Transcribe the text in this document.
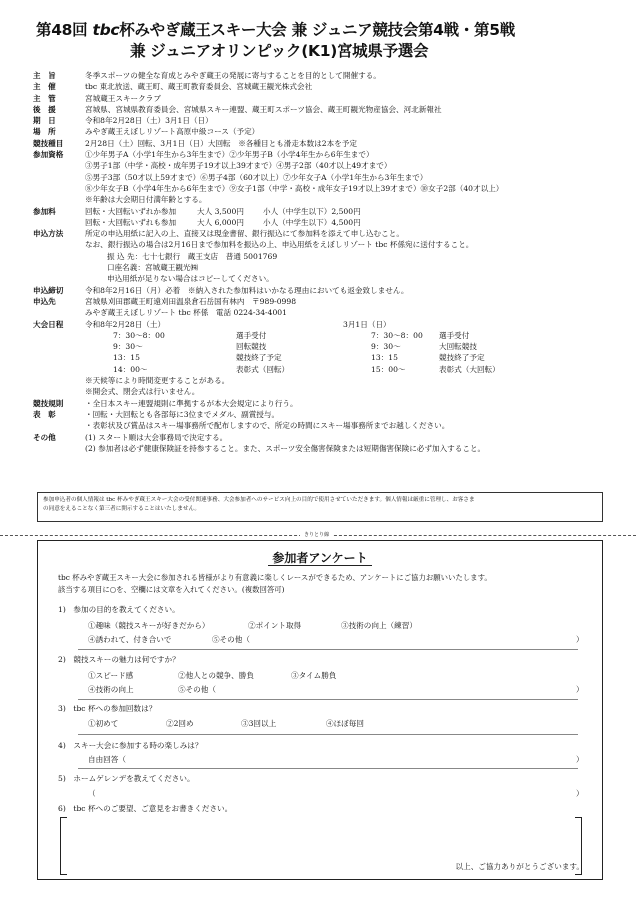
第48回 tbc杯みやぎ蔵王スキー大会 兼 ジュニア競技会第4戦・第5戦
兼 ジュニアオリンピック(K1)宮城県予選会
主　旨	冬季スポーツの健全な育成とみやぎ蔵王の発展に寄与することを目的として開催する。
主　催	tbc 東北放送、蔵王町、蔵王町教育委員会、宮城蔵王観光株式会社
主　管	宮城蔵王スキークラブ
後　援	宮城県、宮城県教育委員会、宮城県スキー連盟、蔵王町スポーツ協会、蔵王町観光物産協会、河北新報社
期　日	令和8年2月28日（土）3月1日（日）
場　所	みやぎ蔵王えぼしリゾート高原中級コース（予定）
競技種目	2月28日（土）回転、3月1日（日）大回転　※各種目とも滑走本数は2本を予定
参加資格	①少年男子A（小学1年生から3年生まで）②少年男子B（小学4年生から6年生まで）
③男子1部（中学・高校・成年男子19才以上39才まで）④男子2部（40才以上49才まで）
⑤男子3部（50才以上59才まで）⑥男子4部（60才以上）⑦少年女子A（小学1年生から3年生まで）
⑧少年女子B（小学4年生から6年生まで）⑨女子1部（中学・高校・成年女子19才以上39才まで）⑩女子2部（40才以上）
※年齢は大会期日付満年齢とする。
参加料	回転・大回転いずれか参加	大人 3,500円	小人（中学生以下）2,500円
回転・大回転いずれも参加	大人 6,000円	小人（中学生以下）4,500円
申込方法	所定の申込用紙に記入の上、直接又は現金書留、銀行振込にて参加料を添えて申し込むこと。
なお、銀行振込の場合は2月16日まで参加料を振込の上、申込用紙をえぼしリゾート tbc 杯係宛に送付すること。
振 込 先：七十七銀行　蔵王支店　普通 5001769
口座名義：宮城蔵王観光㈱
申込用紙が足りない場合はコピーしてください。
申込締切	令和8年2月16日（月）必着　※納入された参加料はいかなる理由においても返金致しません。
申込先	宮城県刈田郡蔵王町遠刈田温泉倉石岳国有林内　〒989-0998
みやぎ蔵王えぼしリゾート tbc 杯係　電話 0224-34-4001
大会日程	令和8年2月28日（土）	3月1日（日）
7：30～8：00	選手受付	7：30～8：00	選手受付
9：30～	回転競技	9：30～	大回転競技
13：15	競技終了予定	13：15	競技終了予定
14：00～	表彰式（回転）	15：00～	表彰式（大回転）
※天候等により時間変更することがある。
※開会式、閉会式は行いません。
競技規則	・全日本スキー連盟規則に準拠するが本大会規定により行う。
表　彰	・回転・大回転とも各部毎に3位までメダル、副賞授与。
・表彰状及び賞品はスキー場事務所で配布しますので、所定の時間にスキー場事務所までお越しください。
その他	(1) スタート順は大会事務局で決定する。
(2) 参加者は必ず健康保険証を持参すること。また、スポーツ安全傷害保険または短期傷害保険に必ず加入すること。
参加申込者の個人情報は tbc 杯みやぎ蔵王スキー大会の受付関連事務、大会参加者へのサービス向上の目的で使用させていただきます。個人情報は厳重に管理し、お客さま
の同意をえることなく第三者に開示することはいたしません。
きりとり線
参加者アンケート
tbc 杯みやぎ蔵王スキー大会に参加される皆様がより有意義に楽しくレースができるため、アンケートにご協力お願いいたします。
該当する項目に○を、空欄には文章を入れてください。(複数回答可)
1)　参加の目的を教えてください。
①趣味（競技スキーが好きだから）	②ポイント取得	③技術の向上（練習）
④誘われて、付き合いで	⑤その他（	）
2)　競技スキーの魅力は何ですか？
①スピード感	②他人との競争、勝負	③タイム勝負
④技術の向上	⑤その他（	）
3)　tbc 杯への参加回数は？
①初めて	②2回め	③3回以上	④ほぼ毎回
4)　スキー大会に参加する時の楽しみは？
自由回答（	）
5)　ホームゲレンデを教えてください。
（	）
6)　tbc 杯へのご要望、ご意見をお書きください。
以上、ご協力ありがとうございます。
